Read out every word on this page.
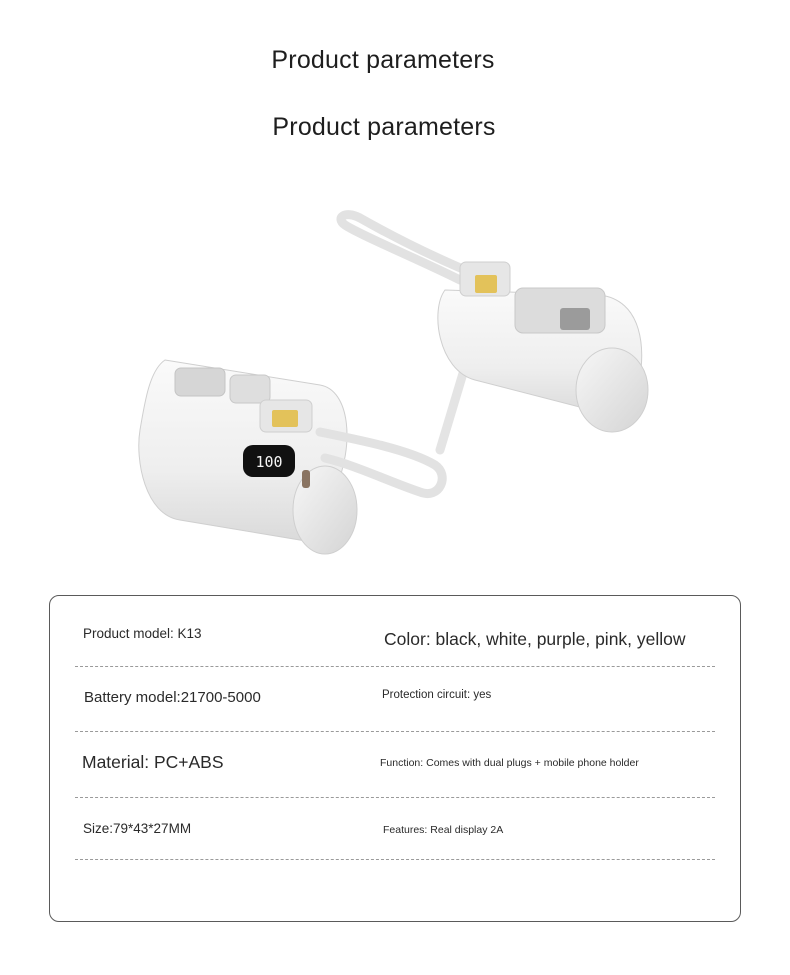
Product parameters
Product parameters
100
Product model: K13	Color: black, white, purple, pink, yellow
Battery model:21700-5000	Protection circuit: yes
Material: PC+ABS	Function: Comes with dual plugs + mobile phone holder
Size:79*43*27MM	Features: Real display 2A
